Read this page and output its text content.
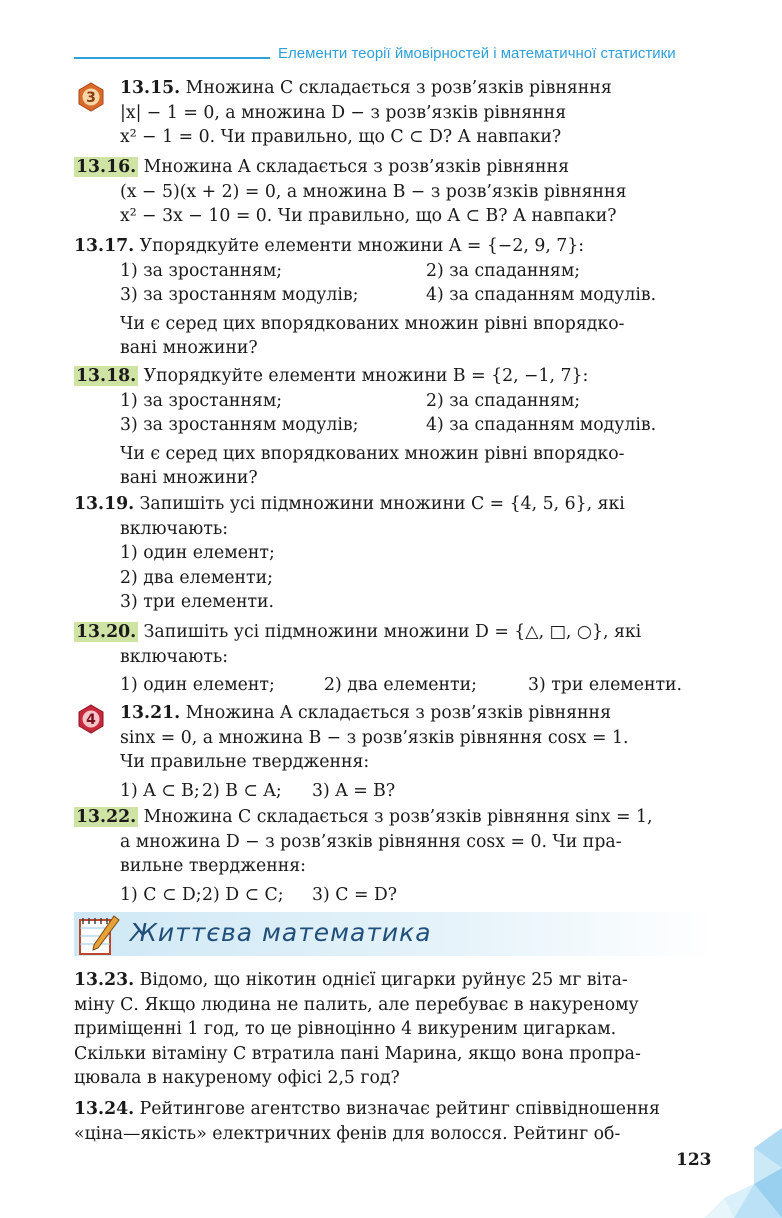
Елементи теорії ймовірностей і математичної статистики
3	13.15. Множина C складається з розв’язків рівняння
|x| − 1 = 0, а множина D − з розв’язків рівняння
x² − 1 = 0. Чи правильно, що C ⊂ D? А навпаки?
13.16. Множина A складається з розв’язків рівняння
(x − 5)(x + 2) = 0, а множина B − з розв’язків рівняння
x² − 3x − 10 = 0. Чи правильно, що A ⊂ B? А навпаки?
13.17. Упорядкуйте елементи множини A = {−2, 9, 7}:
1) за зростанням;	2) за спаданням;
3) за зростанням модулів;	4) за спаданням модулів.
Чи є серед цих впорядкованих множин рівні впорядко-
вані множини?
13.18. Упорядкуйте елементи множини B = {2, −1, 7}:
1) за зростанням;	2) за спаданням;
3) за зростанням модулів;	4) за спаданням модулів.
Чи є серед цих впорядкованих множин рівні впорядко-
вані множини?
13.19. Запишіть усі підмножини множини C = {4, 5, 6}, які
включають:
1) один елемент;
2) два елементи;
3) три елементи.
13.20. Запишіть усі підмножини множини D = {△, □, ○}, які
включають:
1) один елемент;	2) два елементи;	3) три елементи.
4	13.21. Множина A складається з розв’язків рівняння
sinx = 0, а множина B − з розв’язків рівняння cosx = 1.
Чи правильне твердження:
1) A ⊂ B; 2) B ⊂ A;	3) A = B?
13.22. Множина C складається з розв’язків рівняння sinx = 1,
а множина D − з розв’язків рівняння cosx = 0. Чи пра-
вильне твердження:
1) C ⊂ D; 2) D ⊂ C;	3) C = D?
Життєва математика
13.23. Відомо, що нікотин однієї цигарки руйнує 25 мг віта-
міну С. Якщо людина не палить, але перебуває в накуреному
приміщенні 1 год, то це рівноцінно 4 викуреним цигаркам.
Скільки вітаміну С втратила пані Марина, якщо вона пропра-
цювала в накуреному офісі 2,5 год?
13.24. Рейтингове агентство визначає рейтинг співвідношення
«ціна—якість» електричних фенів для волосся. Рейтинг об-
123
